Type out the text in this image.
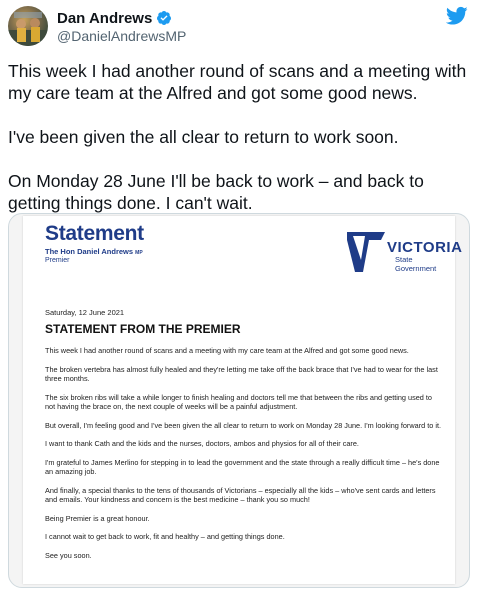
Dan Andrews
@DanielAndrewsMP

This week I had another round of scans and a meeting with my care team at the Alfred and got some good news.

I've been given the all clear to return to work soon.

On Monday 28 June I'll be back to work – and back to getting things done. I can't wait.

Statement
The Hon Daniel Andrews MP
Premier
VICTORIA
State
Government
Saturday, 12 June 2021
STATEMENT FROM THE PREMIER

This week I had another round of scans and a meeting with my care team at the Alfred and got some good news.

The broken vertebra has almost fully healed and they're letting me take off the back brace that I've had to wear for the last three months.

The six broken ribs will take a while longer to finish healing and doctors tell me that between the ribs and getting used to not having the brace on, the next couple of weeks will be a painful adjustment.

But overall, I'm feeling good and I've been given the all clear to return to work on Monday 28 June. I'm looking forward to it.

I want to thank Cath and the kids and the nurses, doctors, ambos and physios for all of their care.

I'm grateful to James Merlino for stepping in to lead the government and the state through a really difficult time – he's done an amazing job.

And finally, a special thanks to the tens of thousands of Victorians – especially all the kids – who've sent cards and letters and emails. Your kindness and concern is the best medicine – thank you so much!

Being Premier is a great honour.

I cannot wait to get back to work, fit and healthy – and getting things done.

See you soon.
